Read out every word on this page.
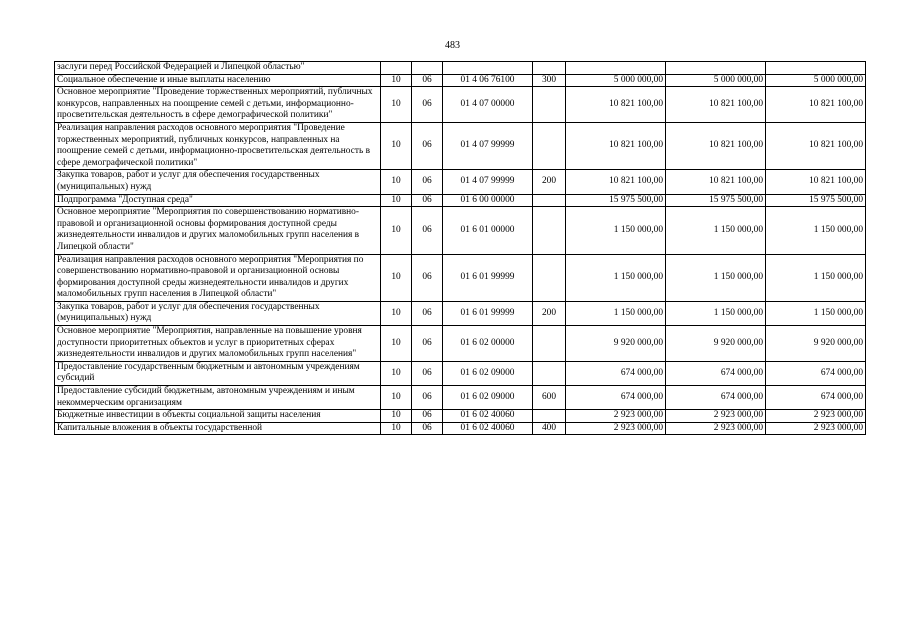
483
заслуги перед Российской Федерацией и Липецкой областью"							
Социальное обеспечение и иные выплаты населению	10	06	01 4 06 76100	300	5 000 000,00	5 000 000,00	5 000 000,00
Основное мероприятие "Проведение торжественных мероприятий, публичных конкурсов, направленных на поощрение семей с детьми, информационно-просветительская деятельность в сфере демографической политики"	10	06	01 4 07 00000		10 821 100,00	10 821 100,00	10 821 100,00
Реализация направления расходов основного мероприятия "Проведение торжественных мероприятий, публичных конкурсов, направленных на поощрение семей с детьми, информационно-просветительская деятельность в сфере демографической политики"	10	06	01 4 07 99999		10 821 100,00	10 821 100,00	10 821 100,00
Закупка товаров, работ и услуг для обеспечения государственных (муниципальных) нужд	10	06	01 4 07 99999	200	10 821 100,00	10 821 100,00	10 821 100,00
Подпрограмма "Доступная среда"	10	06	01 6 00 00000		15 975 500,00	15 975 500,00	15 975 500,00
Основное мероприятие "Мероприятия по совершенствованию нормативно-правовой и организационной основы формирования доступной среды жизнедеятельности инвалидов и других маломобильных групп населения в Липецкой области"	10	06	01 6 01 00000		1 150 000,00	1 150 000,00	1 150 000,00
Реализация направления расходов основного мероприятия "Мероприятия по совершенствованию нормативно-правовой и организационной основы формирования доступной среды жизнедеятельности инвалидов и других маломобильных групп населения в Липецкой области"	10	06	01 6 01 99999		1 150 000,00	1 150 000,00	1 150 000,00
Закупка товаров, работ и услуг для обеспечения государственных (муниципальных) нужд	10	06	01 6 01 99999	200	1 150 000,00	1 150 000,00	1 150 000,00
Основное мероприятие "Мероприятия, направленные на повышение уровня доступности приоритетных объектов и услуг в приоритетных сферах жизнедеятельности инвалидов и других маломобильных групп населения"	10	06	01 6 02 00000		9 920 000,00	9 920 000,00	9 920 000,00
Предоставление государственным бюджетным и автономным учреждениям субсидий	10	06	01 6 02 09000		674 000,00	674 000,00	674 000,00
Предоставление субсидий бюджетным, автономным учреждениям и иным некоммерческим организациям	10	06	01 6 02 09000	600	674 000,00	674 000,00	674 000,00
Бюджетные инвестиции в объекты социальной защиты населения	10	06	01 6 02 40060		2 923 000,00	2 923 000,00	2 923 000,00
Капитальные вложения в объекты государственной	10	06	01 6 02 40060	400	2 923 000,00	2 923 000,00	2 923 000,00
